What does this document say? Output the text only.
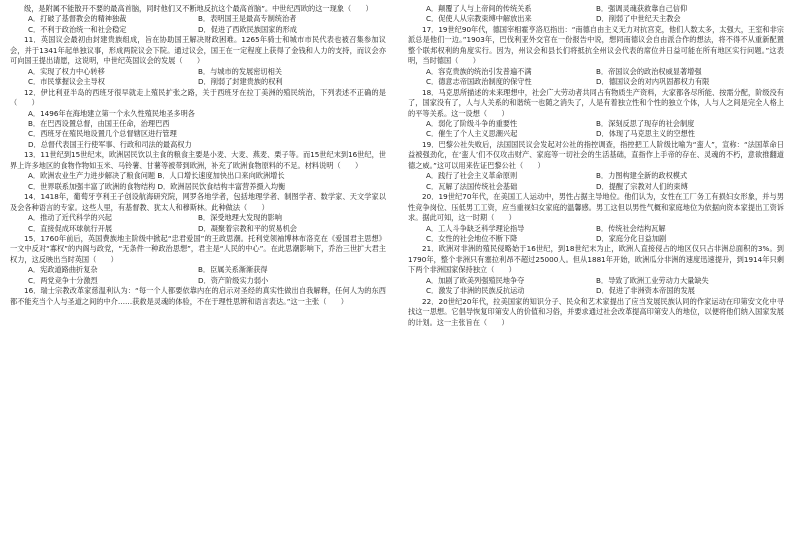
级，是附属不能散开不要的最高首脑，同时他们又不断地反抗这个最高首脑”。中世纪西欧的这一现象（　　）

A．打破了基督教会的精神独裁	B．表明国王是最高专制统治者
C．不利于政治统一和社会稳定	D．促进了西欧民族国家的形成

11．英国议会最初由封建贵族组成，旨在协助国王解决财政困难。1265年骑士和城市市民代表也被召集参加议会，并于1341年起单独议事，形成两院议会下院。通过议会，国王在一定程度上获得了金钱和人力的支持，而议会亦可向国王提出请愿，这说明，中世纪英国议会的发展（　　）

A．实现了权力中心转移	B．与城市的发展密切相关
C．市民掌握议会主导权	D．削弱了封建贵族的权利

12．伊比利亚半岛的西班牙很早就走上殖民扩张之路，关于西班牙在拉丁美洲的殖民统治，下列表述不正确的是（　　）

A．1496年在海地建立第一个永久性殖民地圣多明各
B．在巴西设置总督，由国王任命，治理巴西
C．西班牙在殖民地设置几个总督辖区进行管理
D．总督代表国王行使军事、行政和司法的最高权力

13．11世纪到15世纪末，欧洲居民饮以主食的粮食主要是小麦、大麦、燕麦、栗子等。而15世纪末到16世纪，世界上许多地区的食物作物如玉米、马铃薯、甘薯等被带到欧洲，补充了欧洲食物原料的不足。材料说明（　　）

A．欧洲农业生产力进步解决了粮食问题 B．人口增长速度加快出口来向欧洲增长
C．世界联系加强丰富了欧洲的食物结构 D．欧洲居民饮食结构丰富营养摄入均衡

14．1418年，葡萄牙亨利王子创设航海研究院，网罗各地学者，包括地理学者、制图学者、数学家、天文学家以及会各种语言的专家。这些人里，有基督教、犹太人和穆斯林。此种做法（　　）

A．推动了近代科学的兴起	B．深受地理大发现的影响
C．直接促成环球航行开展	D．凝聚着宗教和平的贸易机会

15．1760年前后，英国费族地主阶级中掀起“忠君爱国”的王政思潮。托利党领袖博林布洛克在《爱国君主思想》一文中反对“寡权”的内阁与政党，“无条件一种政治思想”，君主是“人民的中心”。在此思潮影响下，乔治三世扩大君主权力，这反映出当时英国（　　）

A．宪政道路曲折复杂	B．臣属关系渐渐获得
C．两党竞争十分激烈	D．资产阶级实力弱小

16．瑞士宗教改革家慈温利认为：“每一个人都要依靠内在的启示对圣经的真实性做出自我解释，任何人为的东西都不能充当个人与圣道之间的中介……获救是灵魂的体验，不在于理性思辨和语言表达。”这一主张（　　）

A．颠覆了人与上帝间的传统关系	B．强调灵魂获救靠自己信仰
C．促使人从宗教束缚中解放出来	D．削弱了中世纪天主教会

17．19世纪90年代，德国宰相霍亨洛厄指出：“南德自由主义无力对抗宫克，他们人数太多，太强大，王室和非宗派总是他们一边。”1903年，巴伐利亚外交官在一份报告中说，想同南德议会自由派合作的想法，将不得不从重新配置整个联邦权利的角度实行。因为，州议会和县长们将抵抗全州议会代表的席位并日益可能在所有地区实行问题。”这表明，当时德国（　　）

A．容克贵族的统治引发普遍不满	B．帝国议会的政治权威显著增强
C．德意志帝国政治制度的保守性	D．德国议会的对内巩固都权力有限

18．马克思所描述的未来理想中，社会广大劳动者共同占有物质生产资料，大家都各尽所能、按需分配，阶级没有了，国家没有了，人与人关系的和谐统一也随之消失了，人是有着独立性和个性的独立个体，人与人之间是完全人格上的平等关系。这一设想（　　）

A．弱化了阶级斗争的重要性	B．深刻反思了现存的社会制度
C．催生了个人主义思潮兴起	D．体现了马克思主义的空想性

19．巴黎公社失败后，法国国民议会发起对公社的指控调查，指控把工人阶级比喻为“蛮人”，宣称：“法国革命日益被强劲化，在‘蛮人’们不仅攻击财产、家庭等一切社会的生活基础，直指作上手帝的存在、灵魂的不朽，意欲推翻道德之威。”这可以用来佐证巴黎公社（　　）

A．践行了社会主义革命原则	B．力图构建全新的政权模式
C．瓦解了法国传统社会基础	D．提醒了宗教对人们的束缚

20．19世纪70年代，在美国工人运动中，男性占据主导地位。他们认为，女性在工厂务工有损妇女形象，并与男性竞争岗位、压低男工工资，应当重视妇女家庭的温馨感。男工这但以男性气概和家庭地位为依据向资本家提出工资诉求。据此可知，这一时期（　　）

A．工人斗争缺乏科学理论指导	B．传统社会结构瓦解
C．女性的社会地位不断下降	D．家庭分化日益加剧

21．欧洲对非洲的殖民侵略始于16世纪，到18世纪末为止，欧洲人直接侵占的地区仅只占非洲总面积的3%。到1790年，整个非洲只有塞拉利昂不超过25000人。但从1881年开始，欧洲瓜分非洲的速度迅速提升，到1914年只剩下两个非洲国家保持独立（　　）

A．加剧了欧美列强殖民地争夺	B．导致了欧洲工业劳动力大量缺失
C．激发了非洲的民族反抗运动	D．促进了非洲资本帝国的发展

22．20世纪20年代，拉美国家的知识分子、民众和艺术家提出了应当发展民族认同的作家运动在印第安文化中寻找这一思想。它倡导恢复印第安人的价值和习俗，并要求通过社会改革提高印第安人的地位，以便将他们纳入国家发展的计划。这一主张旨在（　　）
